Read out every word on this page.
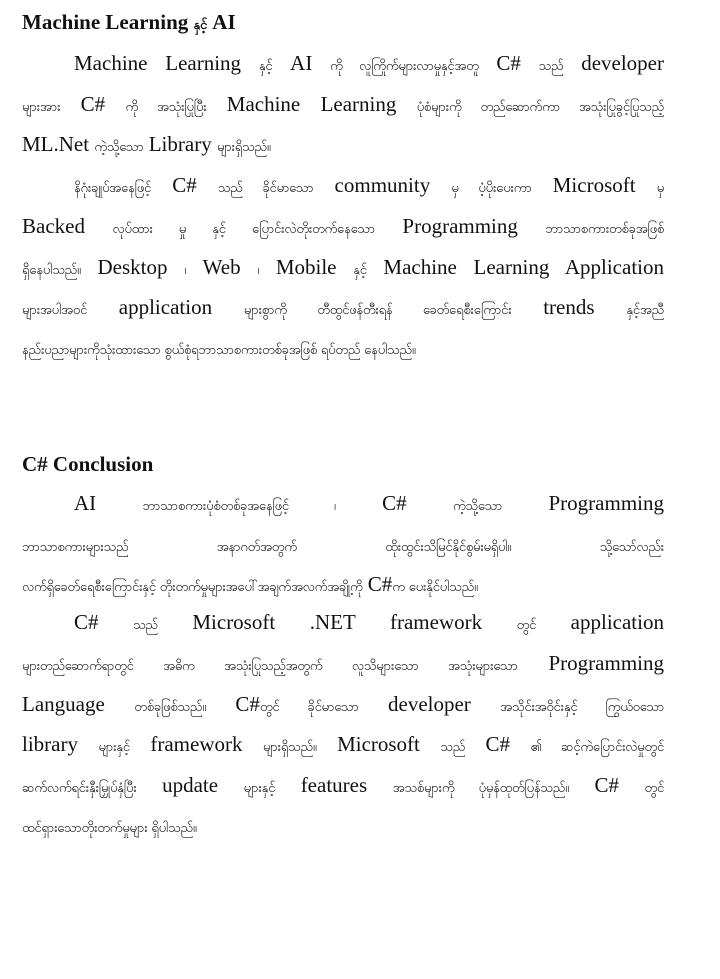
Machine Learning နှင့် AI
Machine Learning နှင့် AI ကို လူကြိုက်များလာမှုနှင့်အတူ C# သည် developer
များအား C# ကို အသုံးပြုပြီး Machine Learning ပုံစံများကို တည်ဆောက်ကာ အသုံးပြုခွင့်ပြုသည့်
ML.Net ကဲ့သို့သော Library များရှိသည်။
နိဂုံးချုပ်အနေဖြင့် C# သည် ခိုင်မာသော community မှ ပံ့ပိုးပေးကာ Microsoft မှ
Backed လုပ်ထား မှု နှင့် ပြောင်းလဲတိုးတက်နေသော Programming ဘာသာစကားတစ်ခုအဖြစ်
ရှိနေပါသည်။ Desktop ၊ Web ၊ Mobile နှင့် Machine Learning Application
များအပါအဝင် application များစွာကို တီထွင်ဖန်တီးရန် ခေတ်ရေစီးကြောင်း trends နှင့်အညီ
နည်းပညာများကိုသုံးထားသော စွယ်စုံရဘာသာစကားတစ်ခုအဖြစ် ရပ်တည် နေပါသည်။
C# Conclusion
AI ဘာသာစကားပုံစံတစ်ခုအနေဖြင့် ၊ C# ကဲ့သို့သော Programming
ဘာသာစကားများသည် အနာဂတ်အတွက် ထိုးထွင်းသိမြင်နိုင်စွမ်းမရှိပါ။ သို့သော်လည်း
လက်ရှိခေတ်ရေစီးကြောင်းနှင့် တိုးတက်မှုများအပေါ်အချက်အလက်အချို့ကို C#က ပေးနိုင်ပါသည်။
C# သည် Microsoft .NET framework တွင် application
များတည်ဆောက်ရာတွင် အဓိက အသုံးပြုသည့်အတွက် လူသိများသော အသုံးများသော Programming
Language တစ်ခုဖြစ်သည်။ C#တွင် ခိုင်မာသော developer အသိုင်းအဝိုင်းနှင့် ကြွယ်ဝသော
library များနှင့် framework များရှိသည်။ Microsoft သည် C# ၏ ဆင့်ကဲပြောင်းလဲမှုတွင်
ဆက်လက်ရင်းနှီးမြှုပ်နှံပြီး update များနှင့် features အသစ်များကို ပုံမှန်ထုတ်ပြန်သည်။ C# တွင်
ထင်ရှားသောတိုးတက်မှုများ ရှိပါသည်။
